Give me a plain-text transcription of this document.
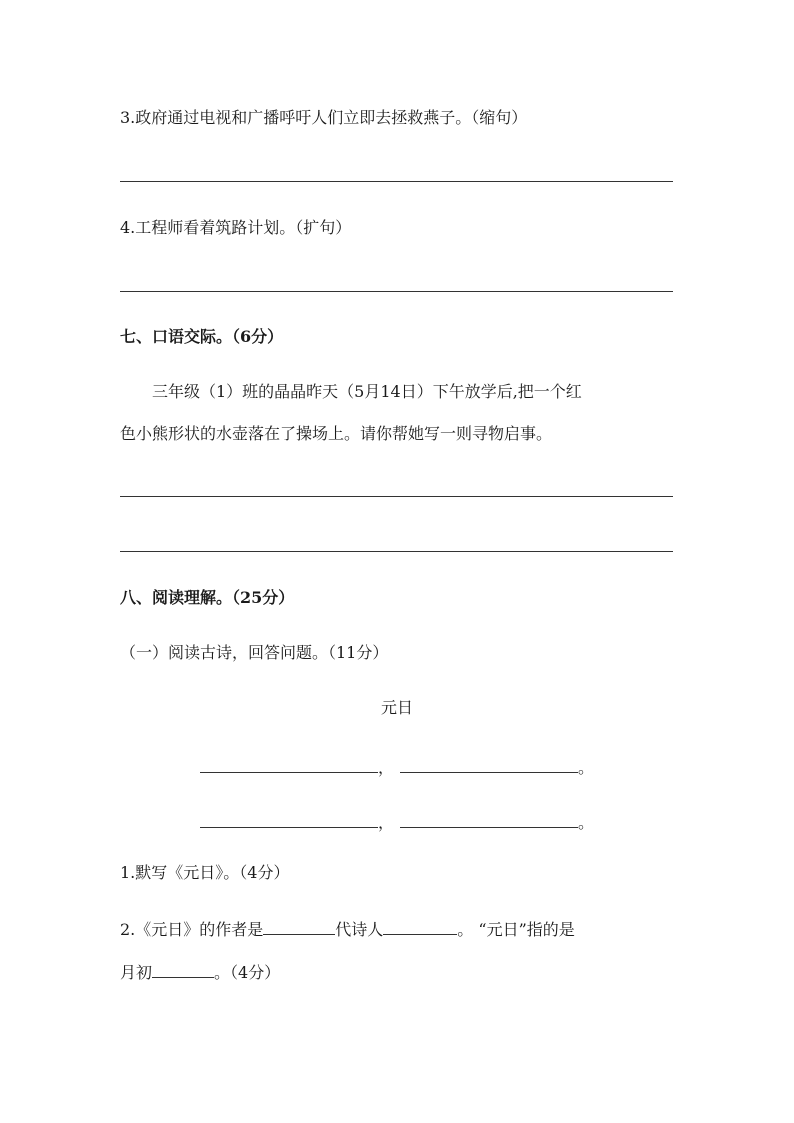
3.政府通过电视和广播呼吁人们立即去拯救燕子。（缩句）
4.工程师看着筑路计划。（扩句）
七、口语交际。（6分）
三年级（1）班的晶晶昨天（5月14日）下午放学后,把一个红
色小熊形状的水壶落在了操场上。请你帮她写一则寻物启事。
八、阅读理解。（25分）
（一）阅读古诗，回答问题。（11分）
元日
，	。
，	。
1.默写《元日》。（4分）
2.《元日》的作者是	代诗人	。 “元日”指的是
月初	。（4分）
